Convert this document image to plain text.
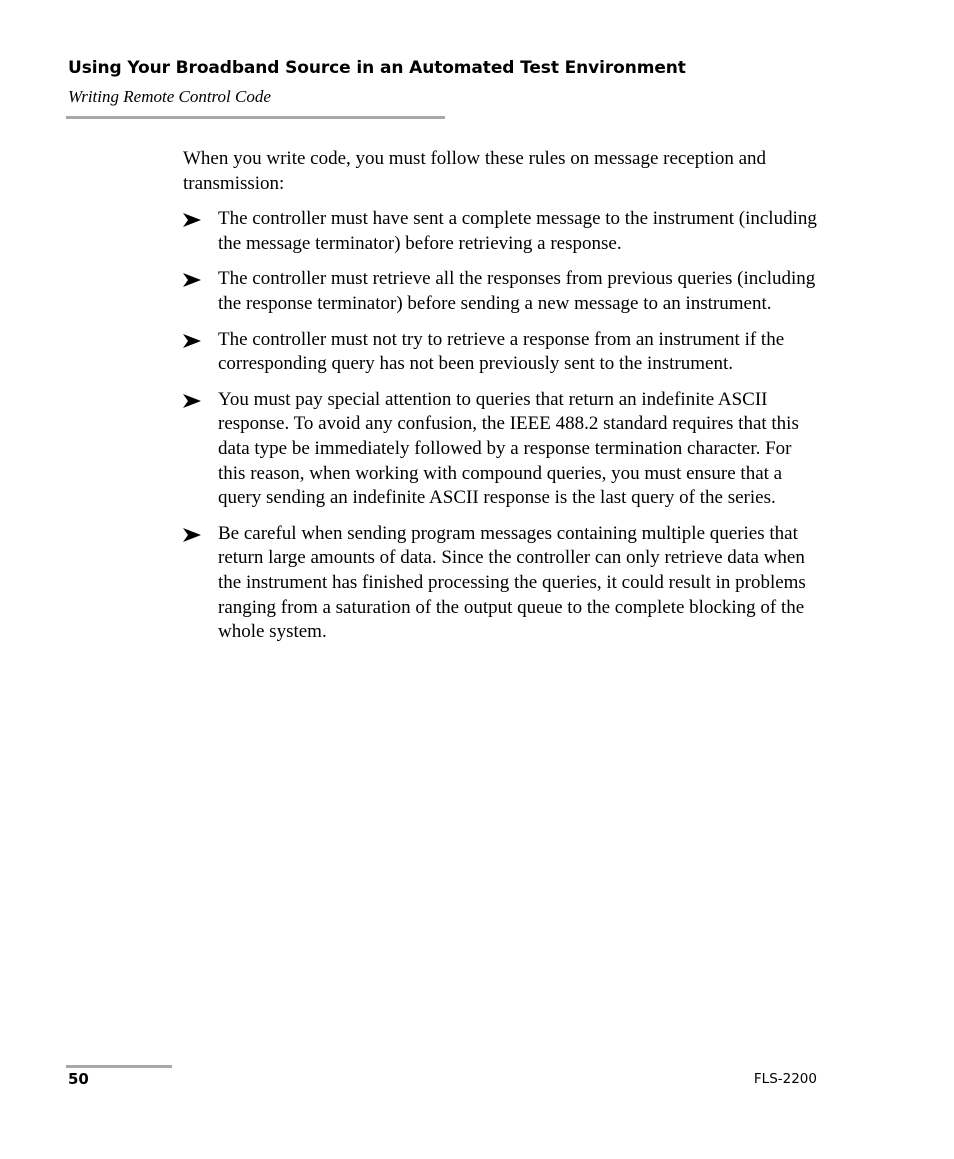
Using Your Broadband Source in an Automated Test Environment
Writing Remote Control Code

When you write code, you must follow these rules on message reception and transmission:

The controller must have sent a complete message to the instrument (including the message terminator) before retrieving a response.
The controller must retrieve all the responses from previous queries (including the response terminator) before sending a new message to an instrument.
The controller must not try to retrieve a response from an instrument if the corresponding query has not been previously sent to the instrument.
You must pay special attention to queries that return an indefinite ASCII response. To avoid any confusion, the IEEE 488.2 standard requires that this data type be immediately followed by a response termination character. For this reason, when working with compound queries, you must ensure that a query sending an indefinite ASCII response is the last query of the series.
Be careful when sending program messages containing multiple queries that return large amounts of data. Since the controller can only retrieve data when the instrument has finished processing the queries, it could result in problems ranging from a saturation of the output queue to the complete blocking of the whole system.
50	FLS-2200
